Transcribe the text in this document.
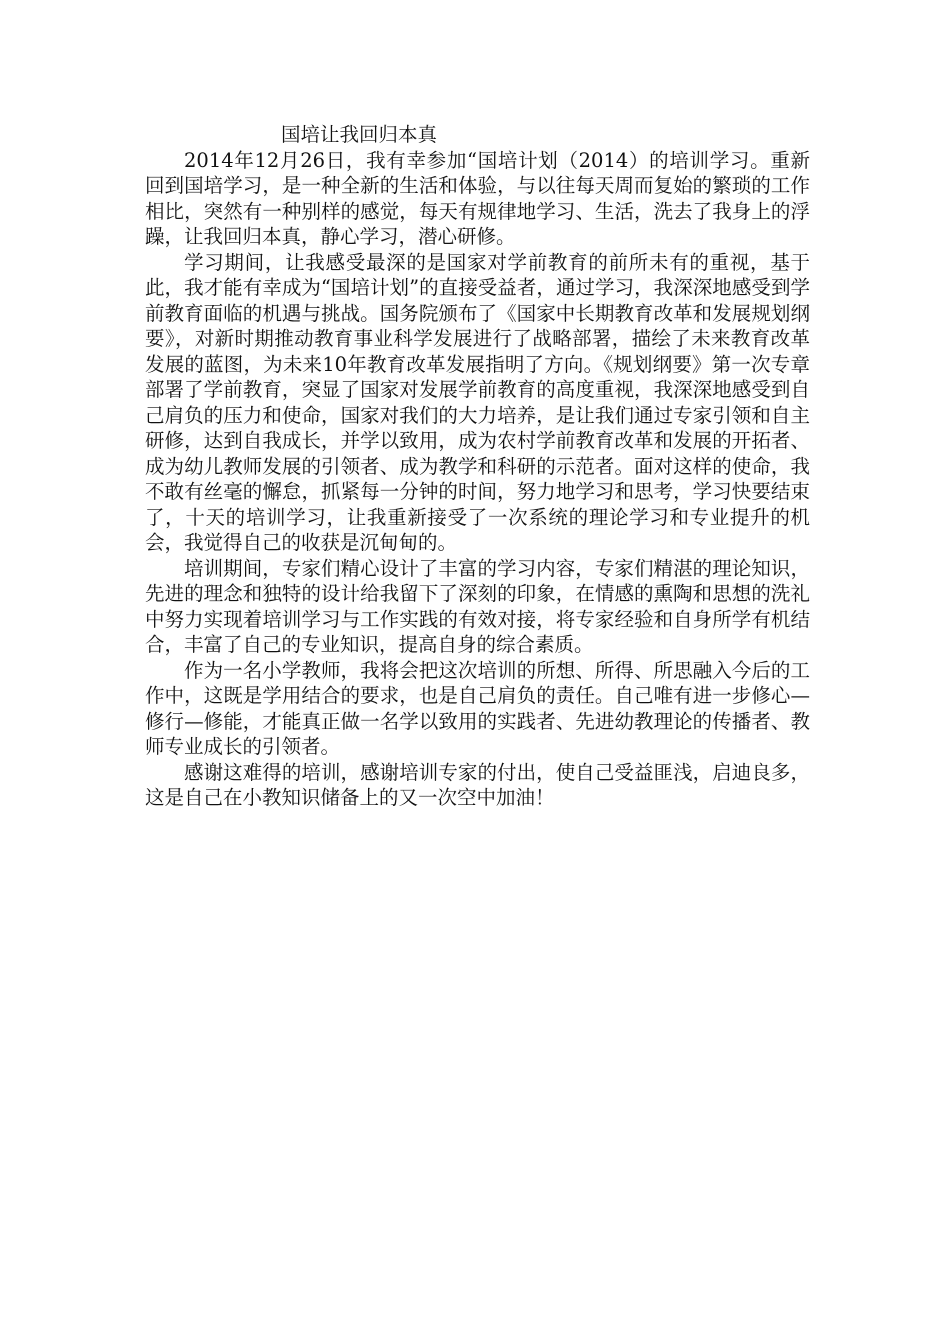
国培让我回归本真

2014年12月26日，我有幸参加“国培计划（2014）的培训学习。重新回到国培学习，是一种全新的生活和体验，与以往每天周而复始的繁琐的工作相比，突然有一种别样的感觉，每天有规律地学习、生活，洗去了我身上的浮躁，让我回归本真，静心学习，潜心研修。

学习期间，让我感受最深的是国家对学前教育的前所未有的重视，基于此，我才能有幸成为“国培计划”的直接受益者，通过学习，我深深地感受到学前教育面临的机遇与挑战。国务院颁布了《国家中长期教育改革和发展规划纲要》，对新时期推动教育事业科学发展进行了战略部署，描绘了未来教育改革发展的蓝图，为未来10年教育改革发展指明了方向。《规划纲要》第一次专章部署了学前教育，突显了国家对发展学前教育的高度重视，我深深地感受到自己肩负的压力和使命，国家对我们的大力培养，是让我们通过专家引领和自主研修，达到自我成长，并学以致用，成为农村学前教育改革和发展的开拓者、成为幼儿教师发展的引领者、成为教学和科研的示范者。面对这样的使命，我不敢有丝毫的懈怠，抓紧每一分钟的时间，努力地学习和思考，学习快要结束了，十天的培训学习，让我重新接受了一次系统的理论学习和专业提升的机会，我觉得自己的收获是沉甸甸的。

培训期间，专家们精心设计了丰富的学习内容，专家们精湛的理论知识，先进的理念和独特的设计给我留下了深刻的印象，在情感的熏陶和思想的洗礼中努力实现着培训学习与工作实践的有效对接，将专家经验和自身所学有机结合，丰富了自己的专业知识，提高自身的综合素质。

作为一名小学教师，我将会把这次培训的所想、所得、所思融入今后的工作中，这既是学用结合的要求，也是自己肩负的责任。自己唯有进一步修心—修行—修能，才能真正做一名学以致用的实践者、先进幼教理论的传播者、教师专业成长的引领者。

感谢这难得的培训，感谢培训专家的付出，使自己受益匪浅，启迪良多，这是自己在小教知识储备上的又一次空中加油！
